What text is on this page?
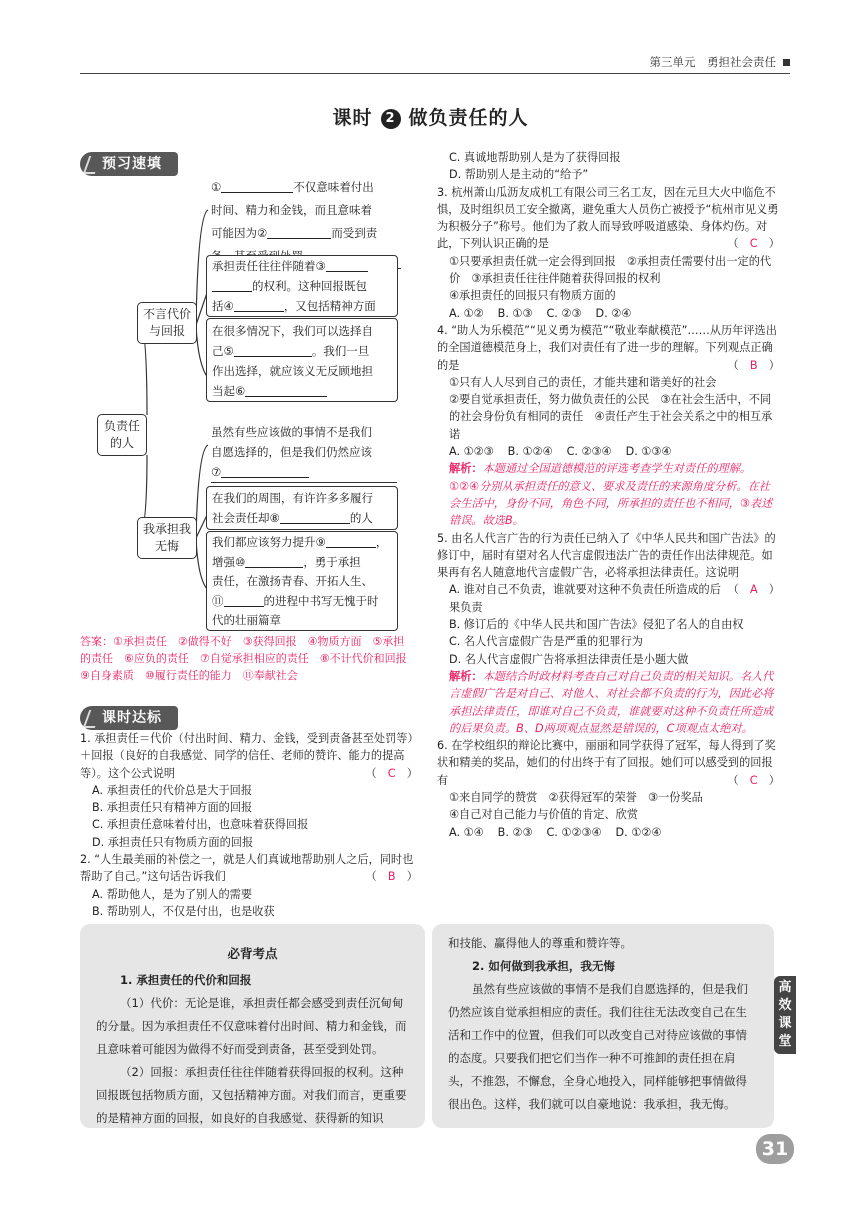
第三单元　勇担社会责任
课时 2 做负责任的人
预习速填
负责任的人
不言代价与回报
我承担我无悔
①	不仅意味着付出
时间、精力和金钱，而且意味着
可能因为②	而受到责
承担责任往往伴随着③
的权利。这种回报既包
括④	，又包括精神方面
在很多情况下，我们可以选择自
己⑤	。我们一旦
作出选择，就应该义无反顾地担
当起⑥
虽然有些应该做的事情不是我们
自愿选择的，但是我们仍然应该
⑦
在我们的周围，有许许多多履行
社会责任却⑧	的人
我们都应该努力提升⑨	，
增强⑩	，勇于承担
责任，在激扬青春、开拓人生、
⑪	的进程中书写无愧于时
代的壮丽篇章
答案：①承担责任　②做得不好　③获得回报　④物质方面　⑤承担的责任　⑥应负的责任　⑦自觉承担相应的责任　⑧不计代价和回报　⑨自身素质　⑩履行责任的能力　⑪奉献社会
课时达标

1. 承担责任＝代价（付出时间、精力、金钱，受到责备甚至处罚等）＋回报（良好的自我感觉、同学的信任、老师的赞许、能力的提高等）。这个公式说明	（　C　）

A. 承担责任的代价总是大于回报

B. 承担责任只有精神方面的回报

C. 承担责任意味着付出，也意味着获得回报

D. 承担责任只有物质方面的回报

2. “人生最美丽的补偿之一，就是人们真诚地帮助别人之后，同时也帮助了自己。”这句话告诉我们	（　B　）

A. 帮助他人，是为了别人的需要

B. 帮助别人，不仅是付出，也是收获

C. 真诚地帮助别人是为了获得回报

D. 帮助别人是主动的“给予”

3. 杭州萧山瓜沥友成机工有限公司三名工友，因在元旦大火中临危不惧，及时组织员工安全撤离，避免重大人员伤亡被授予“杭州市见义勇为积极分子”称号。他们为了救人而导致呼吸道感染、身体灼伤。对此，下列认识正确的是	（　C　）

①只要承担责任就一定会得到回报　②承担责任需要付出一定的代价　③承担责任往往伴随着获得回报的权利

④承担责任的回报只有物质方面的

A. ①② B. ①③ C. ②③ D. ②④

4. “助人为乐模范”“见义勇为模范”“敬业奉献模范”……从历年评选出的全国道德模范身上，我们对责任有了进一步的理解。下列观点正确的是	（　B　）

①只有人人尽到自己的责任，才能共建和谐美好的社会

②要自觉承担责任，努力做负责任的公民　③在社会生活中，不同的社会身份负有相同的责任　④责任产生于社会关系之中的相互承诺

A. ①②③ B. ①②④ C. ②③④ D. ①③④

解析：本题通过全国道德模范的评选考查学生对责任的理解。①②④分别从承担责任的意义、要求及责任的来源角度分析。在社会生活中，身份不同，角色不同，所承担的责任也不相同，③表述错误。故选B。

5. 由名人代言广告的行为责任已纳入了《中华人民共和国广告法》的修订中，届时有望对名人代言虚假违法广告的责任作出法律规范。如果再有名人随意地代言虚假广告，必将承担法律责任。这说明
（　A　）

A. 谁对自己不负责，谁就要对这种不负责任所造成的后果负责

B. 修订后的《中华人民共和国广告法》侵犯了名人的自由权

C. 名人代言虚假广告是严重的犯罪行为

D. 名人代言虚假广告将承担法律责任是小题大做

解析：本题结合时政材料考查自己对自己负责的相关知识。名人代言虚假广告是对自己、对他人、对社会都不负责的行为，因此必将承担法律责任，即谁对自己不负责，谁就要对这种不负责任所造成的后果负责。B、D两项观点显然是错误的，C项观点太绝对。

6. 在学校组织的辩论比赛中，丽丽和同学获得了冠军，每人得到了奖状和精美的奖品，她们的付出终于有了回报。她们可以感受到的回报有	（　C　）

①来自同学的赞赏　②获得冠军的荣誉　③一份奖品

④自己对自己能力与价值的肯定、欣赏

A. ①④ B. ②③ C. ①②③④ D. ①②④

必背考点
1. 承担责任的代价和回报

（1）代价：无论是谁，承担责任都会感受到责任沉甸甸的分量。因为承担责任不仅意味着付出时间、精力和金钱，而且意味着可能因为做得不好而受到责备，甚至受到处罚。

（2）回报：承担责任往往伴随着获得回报的权利。这种回报既包括物质方面，又包括精神方面。对我们而言，更重要的是精神方面的回报，如良好的自我感觉、获得新的知识

和技能、赢得他人的尊重和赞许等。

2. 如何做到我承担，我无悔

虽然有些应该做的事情不是我们自愿选择的，但是我们仍然应该自觉承担相应的责任。我们往往无法改变自己在生活和工作中的位置，但我们可以改变自己对待应该做的事情的态度。只要我们把它们当作一种不可推卸的责任担在肩头，不推怨，不懈怠，全身心地投入，同样能够把事情做得很出色。这样，我们就可以自豪地说：我承担，我无悔。

高效课堂
31
